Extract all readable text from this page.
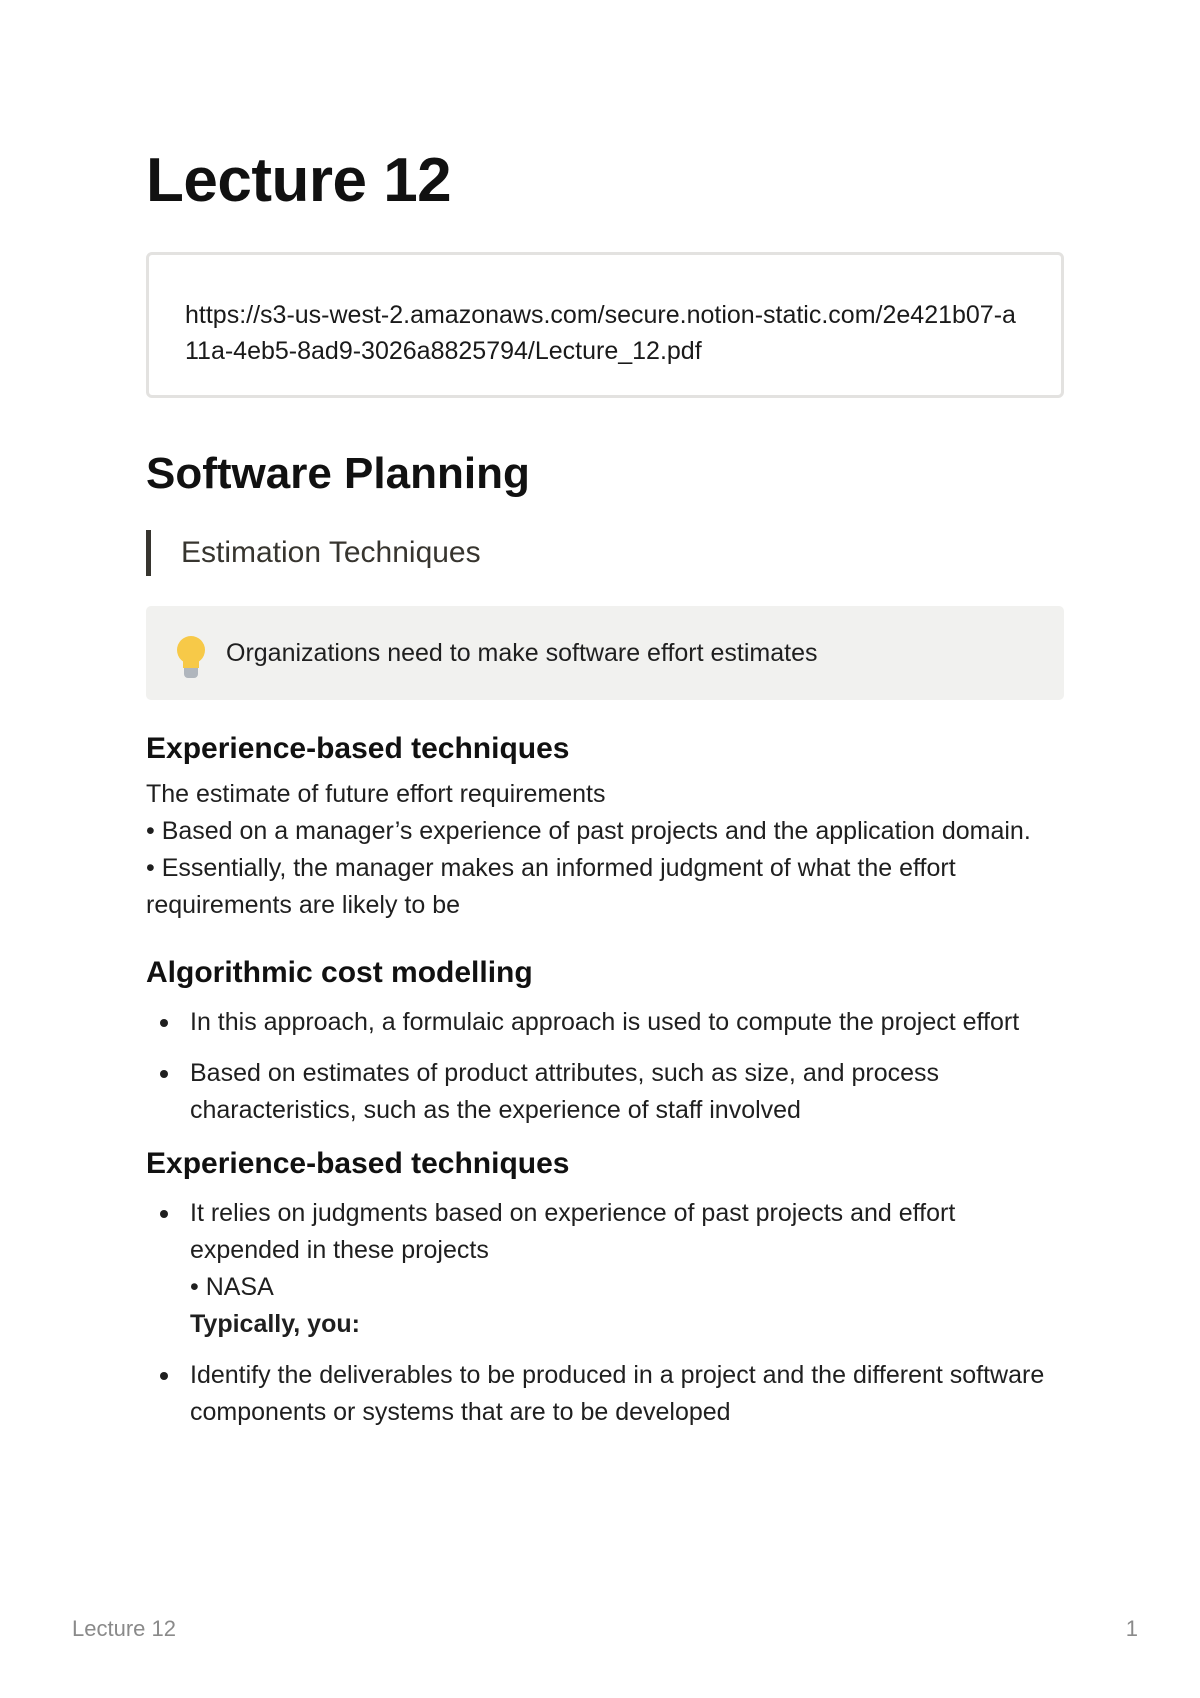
Lecture 12
https://s3-us-west-2.amazonaws.com/secure.notion-static.com/2e421b07-a11a-4eb5-8ad9-3026a8825794/Lecture_12.pdf
Software Planning
Estimation Techniques
Organizations need to make software effort estimates
Experience-based techniques
The estimate of future effort requirements
• Based on a manager’s experience of past projects and the application domain.
• Essentially, the manager makes an informed judgment of what the effort requirements are likely to be
Algorithmic cost modelling
In this approach, a formulaic approach is used to compute the project effort
Based on estimates of product attributes, such as size, and process characteristics, such as the experience of staff involved
Experience-based techniques
It relies on judgments based on experience of past projects and effort expended in these projects
• NASA
Typically, you:
Identify the deliverables to be produced in a project and the different software components or systems that are to be developed
Lecture 12	1
